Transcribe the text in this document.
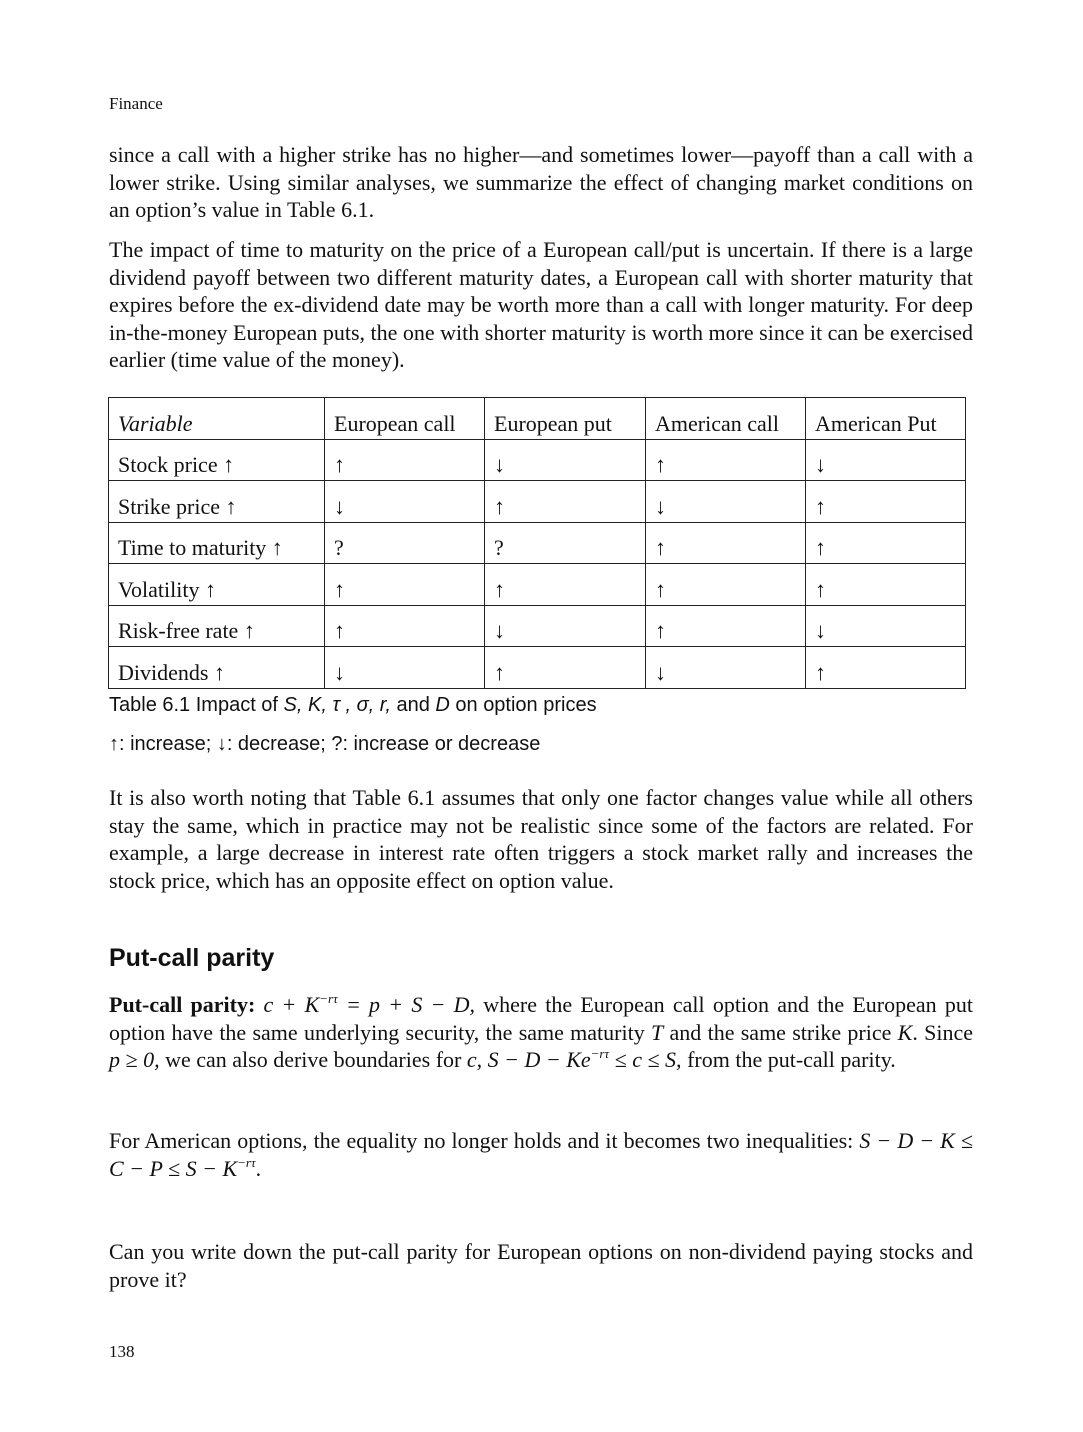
Finance
since a call with a higher strike has no higher—and sometimes lower—payoff than a call with a lower strike. Using similar analyses, we summarize the effect of changing market conditions on an option’s value in Table 6.1.
The impact of time to maturity on the price of a European call/put is uncertain. If there is a large dividend payoff between two different maturity dates, a European call with shorter maturity that expires before the ex-dividend date may be worth more than a call with longer maturity. For deep in-the-money European puts, the one with shorter maturity is worth more since it can be exercised earlier (time value of the money).
Variable	European call	European put	American call	American Put
Stock price ↑	↑	↓	↑	↓
Strike price ↑	↓	↑	↓	↑
Time to maturity ↑	?	?	↑	↑
Volatility ↑	↑	↑	↑	↑
Risk-free rate ↑	↑	↓	↑	↓
Dividends ↑	↓	↑	↓	↑
Table 6.1 Impact of S, K, τ , σ, r, and D on option prices
↑: increase; ↓: decrease; ?: increase or decrease
It is also worth noting that Table 6.1 assumes that only one factor changes value while all others stay the same, which in practice may not be realistic since some of the factors are related. For example, a large decrease in interest rate often triggers a stock market rally and increases the stock price, which has an opposite effect on option value.
Put-call parity
Put-call parity: $c + K^{-r\tau} = p + S - D$, where the European call option and the European put option have the same underlying security, the same maturity T and the same strike price K. Since p ≥ 0, we can also derive boundaries for c, $S - D - Ke^{-r\tau} \le c \le S$, from the put-call parity.
For American options, the equality no longer holds and it becomes two inequalities: $S - D - K \le C - P \le S - K^{-r\tau}$.
Can you write down the put-call parity for European options on non-dividend paying stocks and prove it?
138
